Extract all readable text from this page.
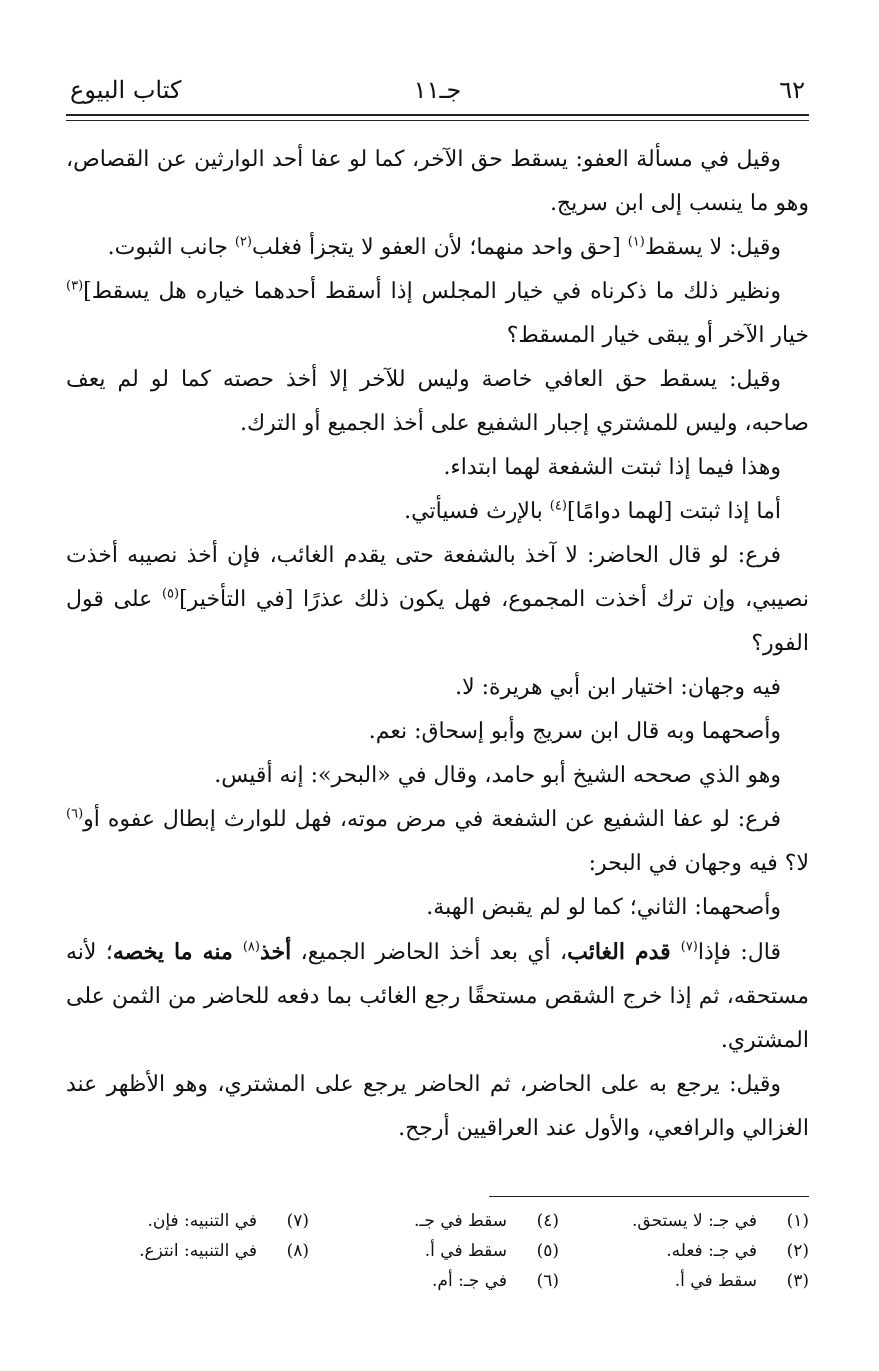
٦٢
جـ١١
كتاب البيوع

وقيل في مسألة العفو: يسقط حق الآخر، كما لو عفا أحد الوارثين عن القصاص، وهو ما ينسب إلى ابن سريج.

وقيل: لا يسقط$^{(١)}$ [حق واحد منهما؛ لأن العفو لا يتجزأ فغلب$^{(٢)}$ جانب الثبوت.

ونظير ذلك ما ذكرناه في خيار المجلس إذا أسقط أحدهما خياره هل يسقط]$^{(٣)}$ خيار الآخر أو يبقى خيار المسقط؟

وقيل: يسقط حق العافي خاصة وليس للآخر إلا أخذ حصته كما لو لم يعف صاحبه، وليس للمشتري إجبار الشفيع على أخذ الجميع أو الترك.

وهذا فيما إذا ثبتت الشفعة لهما ابتداء.

أما إذا ثبتت [لهما دوامًا]$^{(٤)}$ بالإرث فسيأتي.

فرع: لو قال الحاضر: لا آخذ بالشفعة حتى يقدم الغائب، فإن أخذ نصيبه أخذت نصيبي، وإن ترك أخذت المجموع، فهل يكون ذلك عذرًا [في التأخير]$^{(٥)}$ على قول الفور؟

فيه وجهان: اختيار ابن أبي هريرة: لا.

وأصحهما وبه قال ابن سريج وأبو إسحاق: نعم.

وهو الذي صححه الشيخ أبو حامد، وقال في «البحر»: إنه أقيس.

فرع: لو عفا الشفيع عن الشفعة في مرض موته، فهل للوارث إبطال عفوه أو$^{(٦)}$ لا؟ فيه وجهان في البحر:

وأصحهما: الثاني؛ كما لو لم يقبض الهبة.

قال: فإذا$^{(٧)}$ قدم الغائب، أي بعد أخذ الحاضر الجميع، أخذ$^{(٨)}$ منه ما يخصه؛ لأنه مستحقه، ثم إذا خرج الشقص مستحقًا رجع الغائب بما دفعه للحاضر من الثمن على المشتري.

وقيل: يرجع به على الحاضر، ثم الحاضر يرجع على المشتري، وهو الأظهر عند الغزالي والرافعي، والأول عند العراقيين أرجح.

(١)في جـ: لا يستحق.
(٢)في جـ: فعله.
(٣)سقط في أ.
(٤)سقط في جـ.
(٥)سقط في أ.
(٦)في جـ: أم.
(٧)في التنبيه: فإن.
(٨)في التنبيه: انتزع.
